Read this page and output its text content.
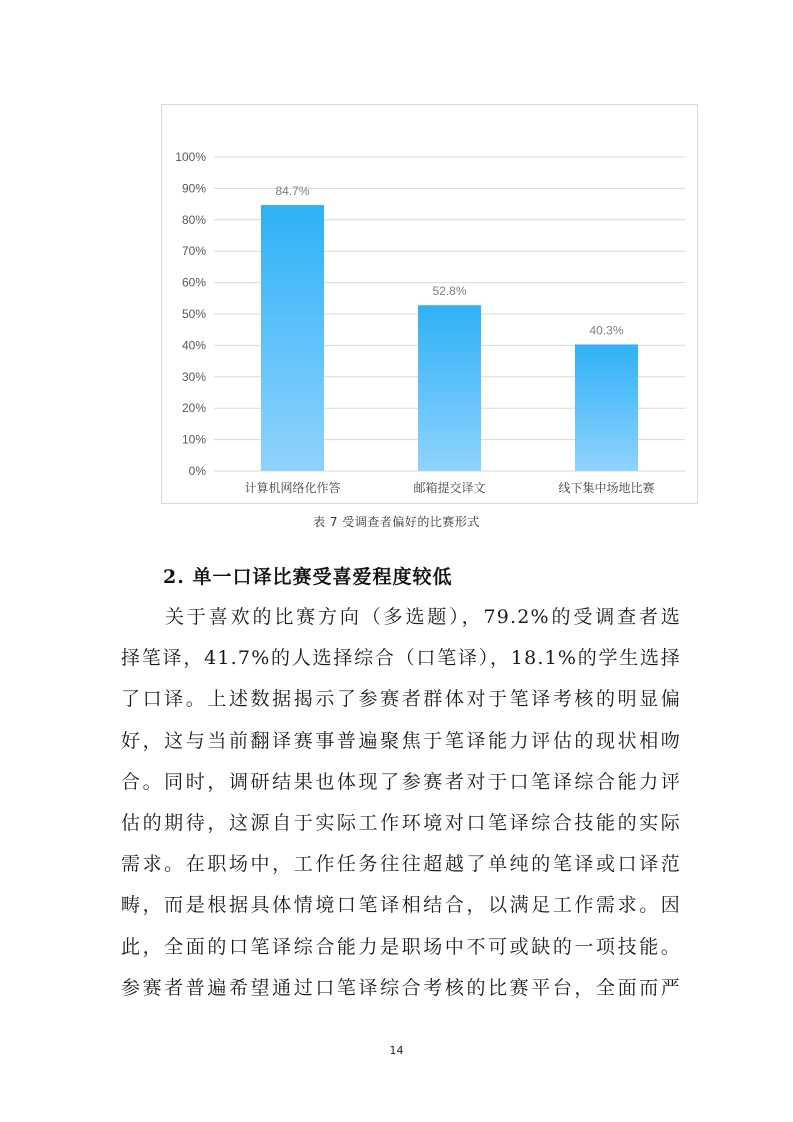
0%
10%
20%
30%
40%
50%
60%
70%
80%
90%
100%
84.7%
计算机网络化作答
52.8%
邮箱提交译文
40.3%
线下集中场地比赛
表 7 受调查者偏好的比赛形式
2. 单一口译比赛受喜爱程度较低
关于喜欢的比赛方向（多选题），79.2%的受调查者选
择笔译，41.7%的人选择综合（口笔译），18.1%的学生选择
了口译。上述数据揭示了参赛者群体对于笔译考核的明显偏
好，这与当前翻译赛事普遍聚焦于笔译能力评估的现状相吻
合。同时，调研结果也体现了参赛者对于口笔译综合能力评
估的期待，这源自于实际工作环境对口笔译综合技能的实际
需求。在职场中，工作任务往往超越了单纯的笔译或口译范
畴，而是根据具体情境口笔译相结合，以满足工作需求。因
此，全面的口笔译综合能力是职场中不可或缺的一项技能。
参赛者普遍希望通过口笔译综合考核的比赛平台，全面而严
14
